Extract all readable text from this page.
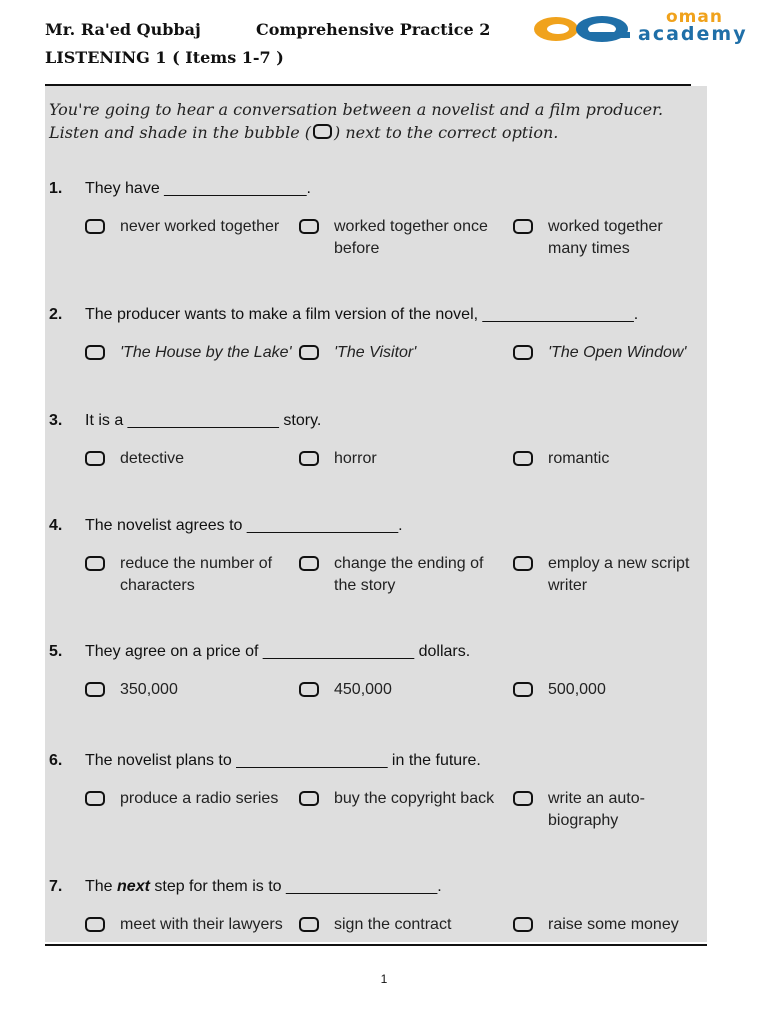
Mr. Ra'ed Qubbaj	Comprehensive Practice 2
LISTENING 1 ( Items 1-7 )
oman
academy
You're going to hear a conversation between a novelist and a film producer. Listen and shade in the bubble ( ) next to the correct option.
1. They have ________________.
never worked together	worked together once before
worked together many times
2. The producer wants to make a film version of the novel, _________________.
'The House by the Lake'	'The Visitor'	'The Open Window'
3. It is a _________________ story.
detective	horror	romantic
4. The novelist agrees to _________________.
reduce the number of characters
change the ending of the story
employ a new script writer
5. They agree on a price of _________________ dollars.
350,000	450,000	500,000
6. The novelist plans to _________________ in the future.
produce a radio series	buy the copyright back	write an auto-biography
7. The next step for them is to _________________.
meet with their lawyers	sign the contract	raise some money
1
